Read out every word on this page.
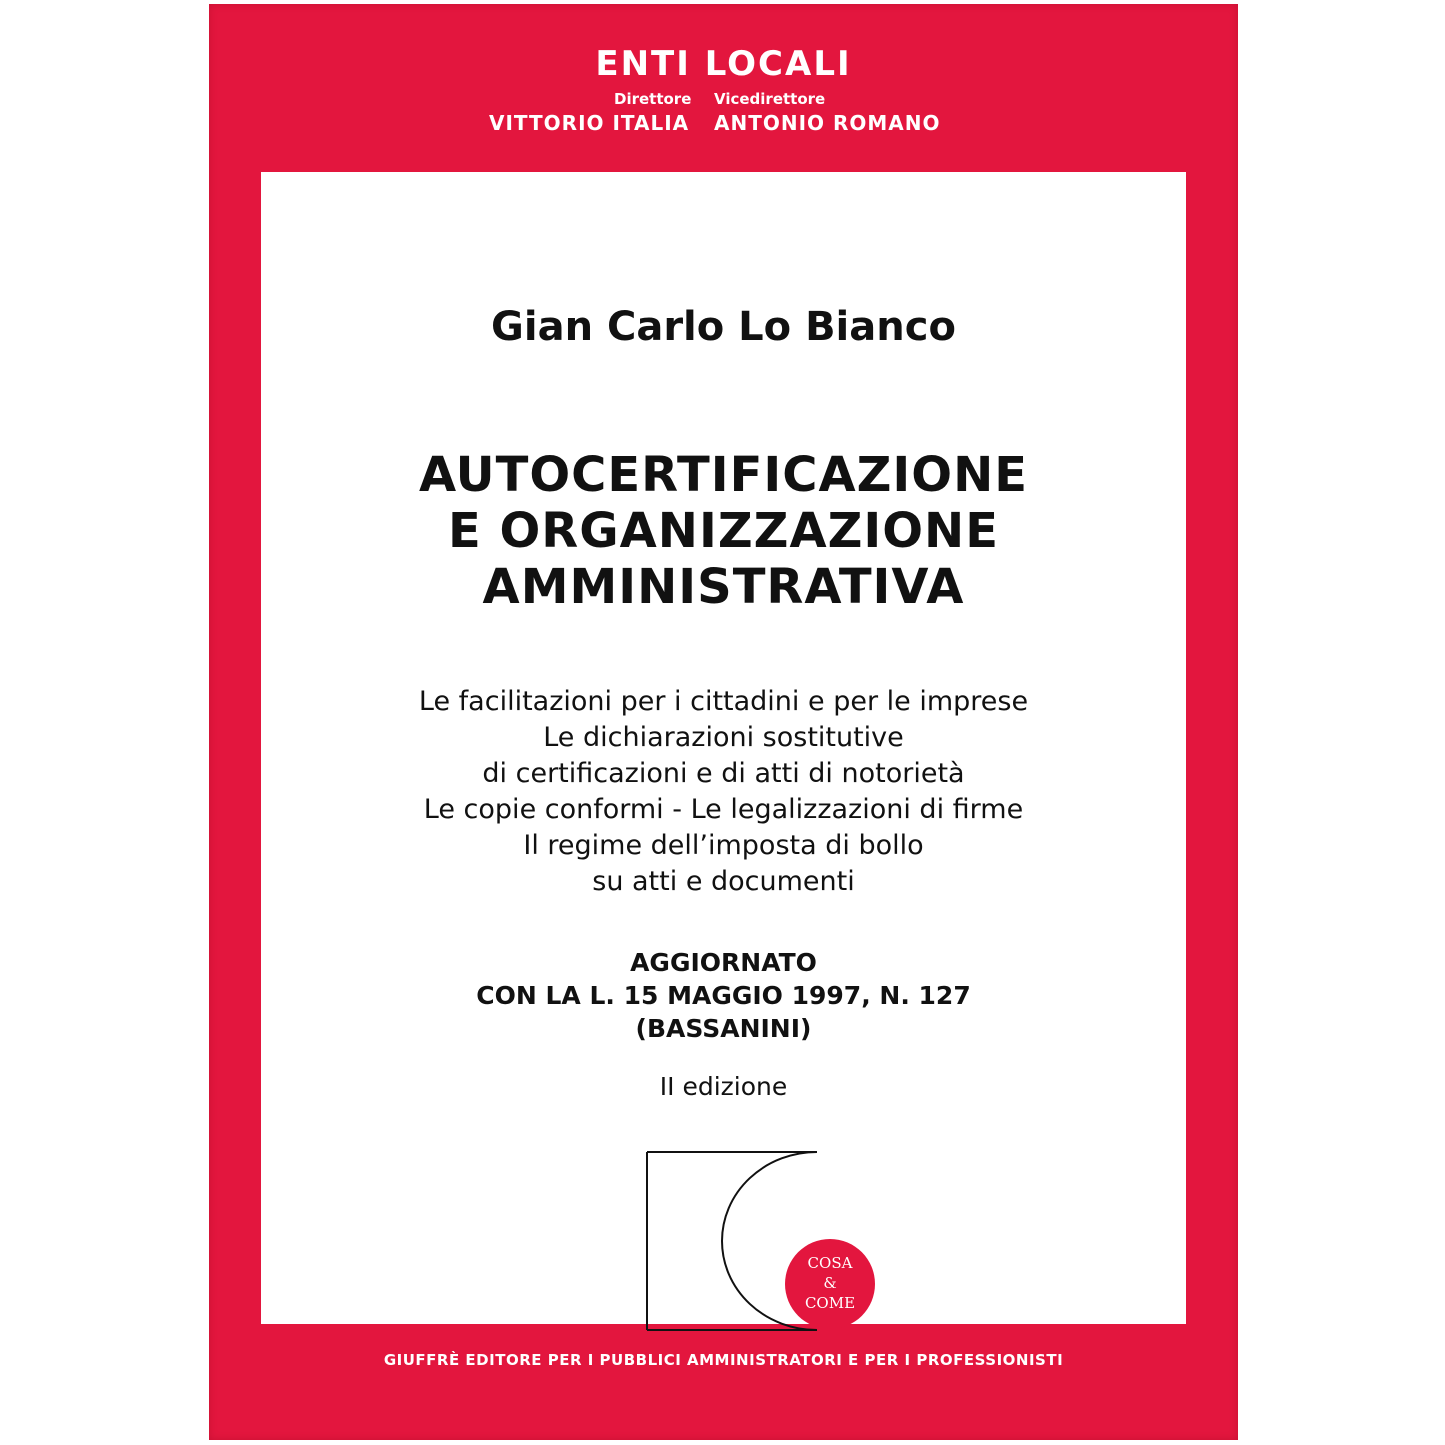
ENTI LOCALI
Direttore Vicedirettore
VITTORIO ITALIA ANTONIO ROMANO
Gian Carlo Lo Bianco
AUTOCERTIFICAZIONE
E ORGANIZZAZIONE
AMMINISTRATIVA
Le facilitazioni per i cittadini e per le imprese
Le dichiarazioni sostitutive
di certificazioni e di atti di notorietà
Le copie conformi - Le legalizzazioni di firme
Il regime dell’imposta di bollo
su atti e documenti
AGGIORNATO
CON LA L. 15 MAGGIO 1997, N. 127
(BASSANINI)
II edizione
COSA
&
COME
GIUFFRÈ EDITORE PER I PUBBLICI AMMINISTRATORI E PER I PROFESSIONISTI
